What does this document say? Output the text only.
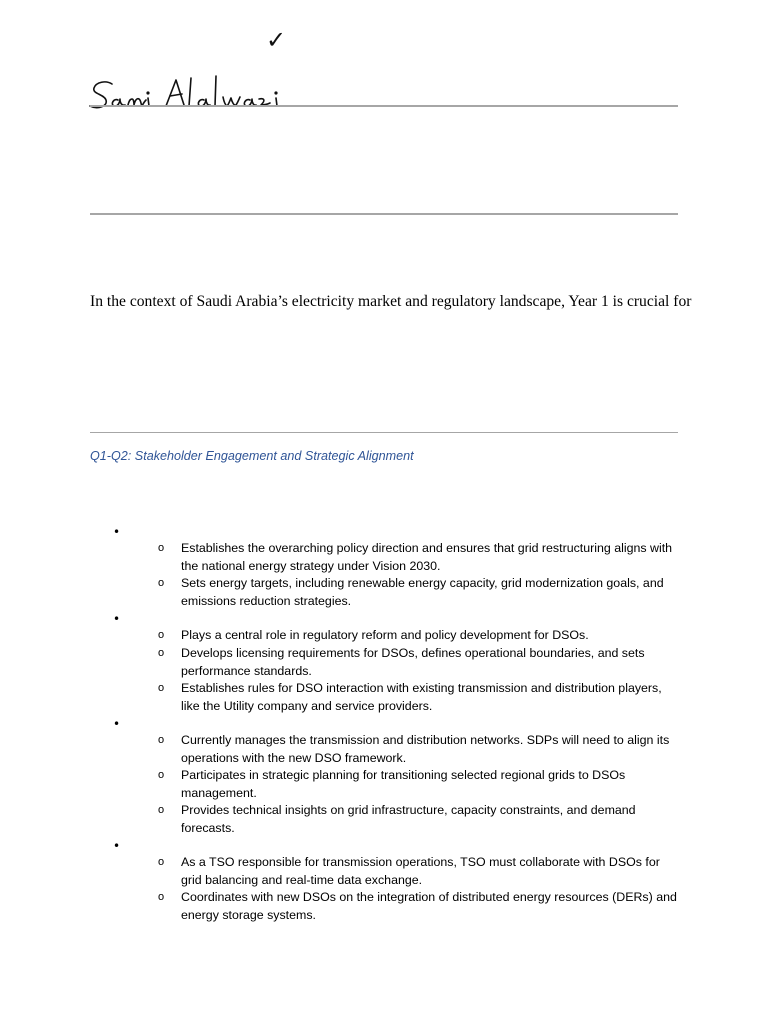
✓
In the context of Saudi Arabia’s electricity market and regulatory landscape, Year 1 is crucial for
Q1-Q2: Stakeholder Engagement and Strategic Alignment
•
o Establishes the overarching policy direction and ensures that grid restructuring aligns with the national energy strategy under Vision 2030.
o Sets energy targets, including renewable energy capacity, grid modernization goals, and emissions reduction strategies.
•
o Plays a central role in regulatory reform and policy development for DSOs.
o Develops licensing requirements for DSOs, defines operational boundaries, and sets performance standards.
o Establishes rules for DSO interaction with existing transmission and distribution players, like the Utility company and service providers.
•
o Currently manages the transmission and distribution networks. SDPs will need to align its operations with the new DSO framework.
o Participates in strategic planning for transitioning selected regional grids to DSOs management.
o Provides technical insights on grid infrastructure, capacity constraints, and demand forecasts.
•
o As a TSO responsible for transmission operations, TSO must collaborate with DSOs for grid balancing and real-time data exchange.
o Coordinates with new DSOs on the integration of distributed energy resources (DERs) and energy storage systems.
